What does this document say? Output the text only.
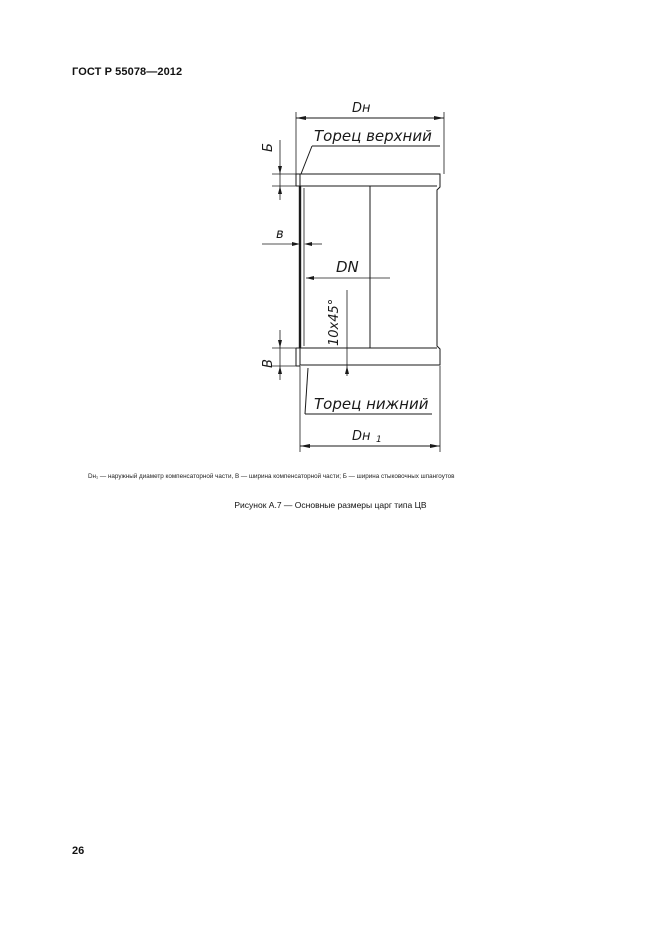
ГОСТ Р 55078—2012
Dн
Торец верхний
Б
в
DN
10x45°
В
Торец нижний
Dн 1
Dн₁ — наружный диаметр компенсаторной части, В — ширина компенсаторной части; Б — ширина стыковочных шпангоутов
Рисунок А.7 — Основные размеры царг типа ЦВ
26
